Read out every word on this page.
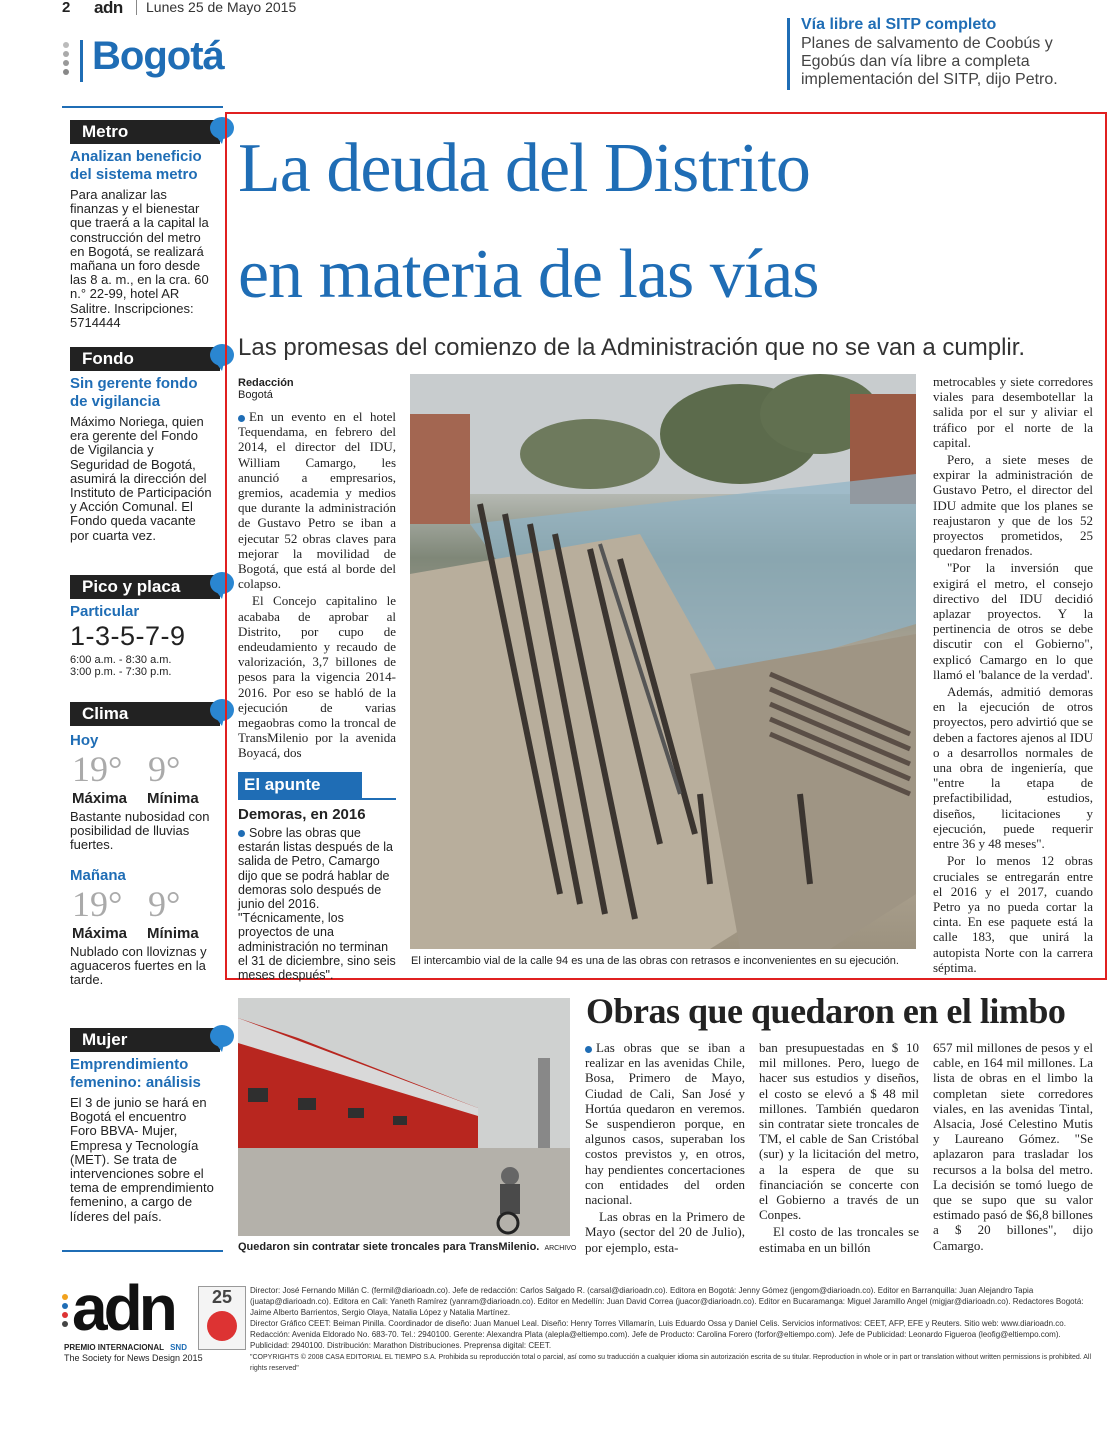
2 adn Lunes 25 de Mayo 2015
Bogotá
Vía libre al SITP completo
Planes de salvamento de Coobús y Egobús dan vía libre a completa implementación del SITP, dijo Petro.
Metro
Analizan beneficio del sistema metro
Para analizar las finanzas y el bienestar que traerá a la capital la construcción del metro en Bogotá, se realizará mañana un foro desde las 8 a. m., en la cra. 60 n.° 22-99, hotel AR Salitre. Inscripciones: 5714444
Fondo
Sin gerente fondo de vigilancia
Máximo Noriega, quien era gerente del Fondo de Vigilancia y Seguridad de Bogotá, asumirá la dirección del Instituto de Participación y Acción Comunal. El Fondo queda vacante por cuarta vez.
Pico y placa
Particular
1-3-5-7-9
6:00 a.m. - 8:30 a.m.
3:00 p.m. - 7:30 p.m.
Clima
Hoy
19° 9°
Máxima Mínima
Bastante nubosidad con posibilidad de lluvias fuertes.
Mañana
19° 9°
Máxima Mínima
Nublado con lloviznas y aguaceros fuertes en la tarde.
Mujer
Emprendimiento femenino: análisis
El 3 de junio se hará en Bogotá el encuentro Foro BBVA- Mujer, Empresa y Tecnología (MET). Se trata de intervenciones sobre el tema de emprendimiento femenino, a cargo de líderes del país.
La deuda del Distrito
en materia de las vías
Las promesas del comienzo de la Administración que no se van a cumplir.
Redacción
Bogotá

En un evento en el hotel Tequendama, en febrero del 2014, el director del IDU, William Camargo, les anunció a empresarios, gremios, academia y medios que durante la administración de Gustavo Petro se iban a ejecutar 52 obras claves para mejorar la movilidad de Bogotá, que está al borde del colapso.

El Concejo capitalino le acababa de aprobar al Distrito, por cupo de endeudamiento y recaudo de valorización, 3,7 billones de pesos para la vigencia 2014-2016. Por eso se habló de la ejecución de varias megaobras como la troncal de TransMilenio por la avenida Boyacá, dos

El apunte
Demoras, en 2016
Sobre las obras que estarán listas después de la salida de Petro, Camargo dijo que se podrá hablar de demoras solo después de junio del 2016. "Técnicamente, los proyectos de una administración no terminan el 31 de diciembre, sino seis meses después".
El intercambio vial de la calle 94 es una de las obras con retrasos e inconvenientes en su ejecución.

metrocables y siete corredores viales para desembotellar la salida por el sur y aliviar el tráfico por el norte de la capital.

Pero, a siete meses de expirar la administración de Gustavo Petro, el director del IDU admite que los planes se reajustaron y que de los 52 proyectos prometidos, 25 quedaron frenados.

"Por la inversión que exigirá el metro, el consejo directivo del IDU decidió aplazar proyectos. Y la pertinencia de otros se debe discutir con el Gobierno", explicó Camargo en lo que llamó el 'balance de la verdad'.

Además, admitió demoras en la ejecución de otros proyectos, pero advirtió que se deben a factores ajenos al IDU o a desarrollos normales de una obra de ingeniería, que "entre la etapa de prefactibilidad, estudios, diseños, licitaciones y ejecución, puede requerir entre 36 y 48 meses".

Por lo menos 12 obras cruciales se entregarán entre el 2016 y el 2017, cuando Petro ya no pueda cortar la cinta. En ese paquete está la calle 183, que unirá la autopista Norte con la carrera séptima.

Quedaron sin contratar siete troncales para TransMilenio. ARCHIVO
Obras que quedaron en el limbo

Las obras que se iban a realizar en las avenidas Chile, Bosa, Primero de Mayo, Ciudad de Cali, San José y Hortúa quedaron en veremos. Se suspendieron porque, en algunos casos, superaban los costos previstos y, en otros, hay pendientes concertaciones con entidades del orden nacional.

Las obras en la Primero de Mayo (sector del 20 de Julio), por ejemplo, esta-

ban presupuestadas en $ 10 mil millones. Pero, luego de hacer sus estudios y diseños, el costo se elevó a $ 48 mil millones. También quedaron sin contratar siete troncales de TM, el cable de San Cristóbal (sur) y la licitación del metro, a la espera de que su financiación se concerte con el Gobierno a través de un Conpes.

El costo de las troncales se estimaba en un billón

657 mil millones de pesos y el cable, en 164 mil millones. La lista de obras en el limbo la completan siete corredores viales, en las avenidas Tintal, Alsacia, José Celestino Mutis y Laureano Gómez. "Se aplazaron para trasladar los recursos a la bolsa del metro. La decisión se tomó luego de que se supo que su valor estimado pasó de $6,8 billones a $ 20 billones", dijo Camargo.

adn	25
PREMIO INTERNACIONAL SND
The Society for News Design 2015
Director: José Fernando Millán C. (fermil@diarioadn.co). Jefe de redacción: Carlos Salgado R. (carsal@diarioadn.co). Editora en Bogotá: Jenny Gómez (jengom@diarioadn.co). Editor en Barranquilla: Juan Alejandro Tapia (juatap@diarioadn.co). Editora en Cali: Yaneth Ramírez (yanram@diarioadn.co). Editor en Medellín: Juan David Correa (juacor@diarioadn.co). Editor en Bucaramanga: Miguel Jaramillo Angel (migjar@diarioadn.co). Redactores Bogotá: Jaime Alberto Barrientos, Sergio Olaya, Natalia López y Natalia Martínez.
Director Gráfico CEET: Beiman Pinilla. Coordinador de diseño: Juan Manuel Leal. Diseño: Henry Torres Villamarín, Luis Eduardo Ossa y Daniel Celis. Servicios informativos: CEET, AFP, EFE y Reuters. Sitio web: www.diarioadn.co. Redacción: Avenida Eldorado No. 683-70. Tel.: 2940100. Gerente: Alexandra Plata (alepla@eltiempo.com). Jefe de Producto: Carolina Forero (forfor@eltiempo.com). Jefe de Publicidad: Leonardo Figueroa (leofig@eltiempo.com). Publicidad: 2940100. Distribución: Marathon Distribuciones. Preprensa digital: CEET.
"COPYRIGHTS © 2008 CASA EDITORIAL EL TIEMPO S.A. Prohibida su reproducción total o parcial, así como su traducción a cualquier idioma sin autorización escrita de su titular. Reproduction in whole or in part or translation without written permissions is prohibited. All rights reserved"
